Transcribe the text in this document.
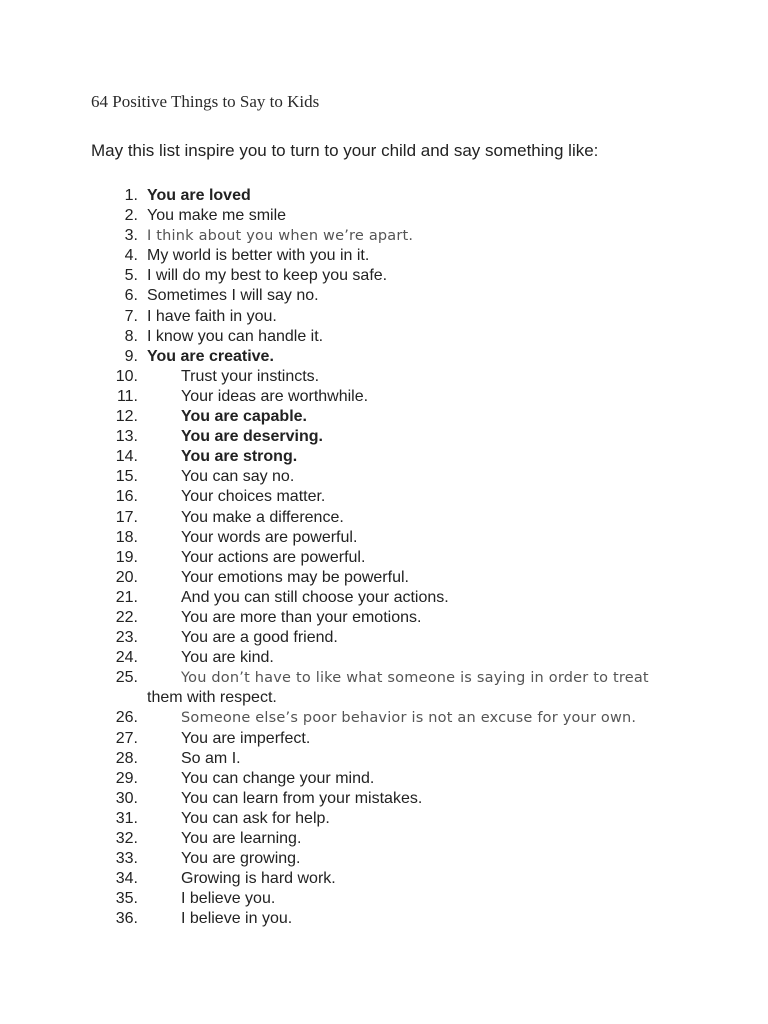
64 Positive Things to Say to Kids

May this list inspire you to turn to your child and say something like:

1. You are loved
2. You make me smile
3. I think about you when we’re apart.
4. My world is better with you in it.
5. I will do my best to keep you safe.
6. Sometimes I will say no.
7. I have faith in you.
8. I know you can handle it.
9. You are creative.
10.	Trust your instincts.
11.	Your ideas are worthwhile.
12.	You are capable.
13.	You are deserving.
14.	You are strong.
15.	You can say no.
16.	Your choices matter.
17.	You make a difference.
18.	Your words are powerful.
19.	Your actions are powerful.
20.	Your emotions may be powerful.
21.	And you can still choose your actions.
22.	You are more than your emotions.
23.	You are a good friend.
24.	You are kind.
25.	You don’t have to like what someone is saying in order to treat
them with respect.
26.	Someone else’s poor behavior is not an excuse for your own.
27.	You are imperfect.
28.	So am I.
29.	You can change your mind.
30.	You can learn from your mistakes.
31.	You can ask for help.
32.	You are learning.
33.	You are growing.
34.	Growing is hard work.
35.	I believe you.
36.	I believe in you.
